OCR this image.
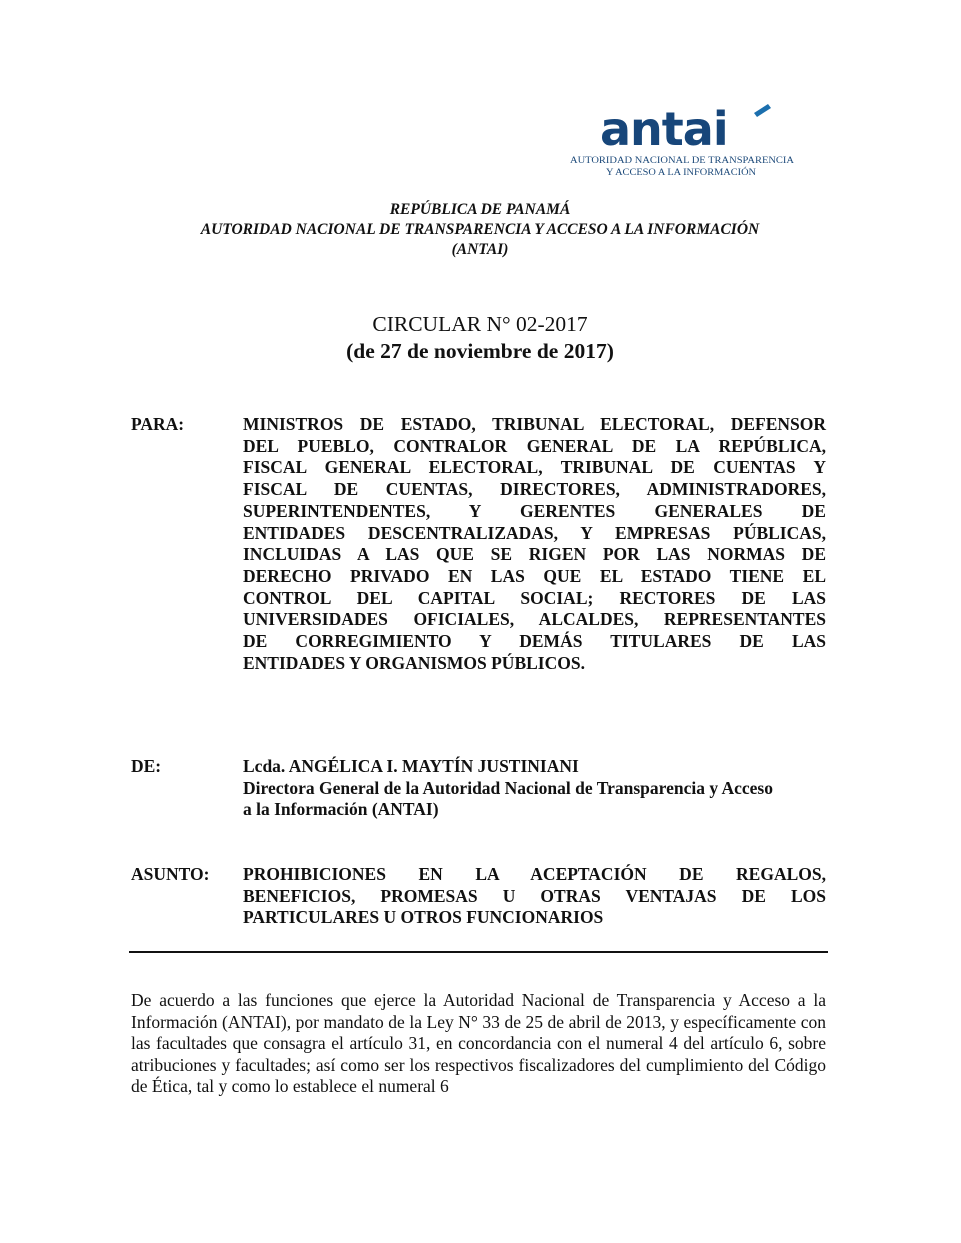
antai
AUTORIDAD NACIONAL DE TRANSPARENCIA
Y ACCESO A LA INFORMACIÓN
REPÚBLICA DE PANAMÁ
AUTORIDAD NACIONAL DE TRANSPARENCIA Y ACCESO A LA INFORMACIÓN
(ANTAI)
CIRCULAR N° 02-2017
(de 27 de noviembre de 2017)
PARA:	MINISTROS DE ESTADO, TRIBUNAL ELECTORAL, DEFENSOR
DEL PUEBLO, CONTRALOR GENERAL DE LA REPÚBLICA,
FISCAL GENERAL ELECTORAL, TRIBUNAL DE CUENTAS Y
FISCAL DE CUENTAS, DIRECTORES, ADMINISTRADORES,
SUPERINTENDENTES, Y GERENTES GENERALES DE
ENTIDADES DESCENTRALIZADAS, Y EMPRESAS PÚBLICAS,
INCLUIDAS A LAS QUE SE RIGEN POR LAS NORMAS DE
DERECHO PRIVADO EN LAS QUE EL ESTADO TIENE EL
CONTROL DEL CAPITAL SOCIAL; RECTORES DE LAS
UNIVERSIDADES OFICIALES, ALCALDES, REPRESENTANTES
DE CORREGIMIENTO Y DEMÁS TITULARES DE LAS
ENTIDADES Y ORGANISMOS PÚBLICOS.
DE:	Lcda. ANGÉLICA I. MAYTÍN JUSTINIANI
Directora General de la Autoridad Nacional de Transparencia y Acceso
a la Información (ANTAI)
ASUNTO: PROHIBICIONES EN LA ACEPTACIÓN DE REGALOS,
BENEFICIOS, PROMESAS U OTRAS VENTAJAS DE LOS
PARTICULARES U OTROS FUNCIONARIOS
De acuerdo a las funciones que ejerce la Autoridad Nacional de Transparencia y Acceso a la Información (ANTAI), por mandato de la Ley N° 33 de 25 de abril de 2013, y específicamente con las facultades que consagra el artículo 31, en concordancia con el numeral 4 del artículo 6, sobre atribuciones y facultades; así como ser los respectivos fiscalizadores del cumplimiento del Código de Ética, tal y como lo establece el numeral 6
